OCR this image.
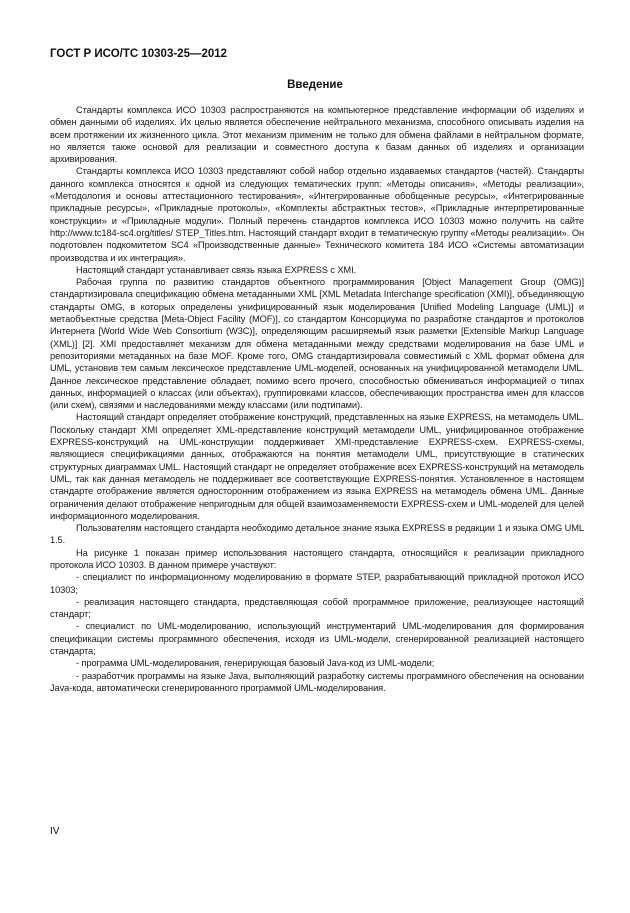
ГОСТ Р ИСО/ТС 10303-25—2012
Введение

Стандарты комплекса ИСО 10303 распространяются на компьютерное представление информации об изделиях и обмен данными об изделиях. Их целью является обеспечение нейтрального механизма, способного описывать изделия на всем протяжении их жизненного цикла. Этот механизм применим не только для обмена файлами в нейтральном формате, но является также основой для реализации и совместного доступа к базам данных об изделиях и организации архивирования.

Стандарты комплекса ИСО 10303 представляют собой набор отдельно издаваемых стандартов (частей). Стандарты данного комплекса относятся к одной из следующих тематических групп: «Методы описания», «Методы реализации», «Методология и основы аттестационного тестирования», «Интегрированные обобщенные ресурсы», «Интегрированные прикладные ресурсы», «Прикладные протоколы», «Комплекты абстрактных тестов», «Прикладные интерпретированные конструкции» и «Прикладные модули». Полный перечень стандартов комплекса ИСО 10303 можно получить на сайте http://www.tc184-sc4.org/titles/ STEP_Titles.htm. Настоящий стандарт входит в тематическую группу «Методы реализации». Он подготовлен подкомитетом SC4 «Производственные данные» Технического комитета 184 ИСО «Системы автоматизации производства и их интеграция».

Настоящий стандарт устанавливает связь языка EXPRESS с XMI.

Рабочая группа по развитию стандартов объектного программирования [Object Management Group (OMG)] стандартизировала спецификацию обмена метаданными XML [XML Metadata Interchange specification (XMI)], объединяющую стандарты OMG, в которых определены унифицированный язык моделирования [Unified Modeling Language (UML)] и метаобъектные средства [Meta-Object Facility (MOF)], со стандартом Консорциума по разработке стандартов и протоколов Интернета [World Wide Web Consortium (W3C)], определяющим расширяемый язык разметки [Extensible Markup Language (XML)] [2]. XMI предоставляет механизм для обмена метаданными между средствами моделирования на базе UML и репозиториями метаданных на базе MOF. Кроме того, OMG стандартизировала совместимый с XML формат обмена для UML, установив тем самым лексическое представление UML-моделей, основанных на унифицированной метамодели UML. Данное лексическое представление обладает, помимо всего прочего, способностью обмениваться информацией о типах данных, информацией о классах (или объектах), группировками классов, обеспечивающих пространства имен для классов (или схем), связями и наследованиями между классами (или подтипами).

Настоящий стандарт определяет отображение конструкций, представленных на языке EXPRESS, на метамодель UML. Поскольку стандарт XMI определяет XML-представление конструкций метамодели UML, унифицированное отображение EXPRESS-конструкций на UML-конструкции поддерживает XMI-представление EXPRESS-схем. EXPRESS-схемы, являющиеся спецификациями данных, отображаются на понятия метамодели UML, присутствующие в статических структурных диаграммах UML. Настоящий стандарт не определяет отображение всех EXPRESS-конструкций на метамодель UML, так как данная метамодель не поддерживает все соответствующие EXPRESS-понятия. Установленное в настоящем стандарте отображение является односторонним отображением из языка EXPRESS на метамодель обмена UML. Данные ограничения делают отображение непригодным для общей взаимозаменяемости EXPRESS-схем и UML-моделей для целей информационного моделирования.

Пользователям настоящего стандарта необходимо детальное знание языка EXPRESS в редакции 1 и языка OMG UML 1.5.

На рисунке 1 показан пример использования настоящего стандарта, относящийся к реализации прикладного протокола ИСО 10303. В данном примере участвуют:

- специалист по информационному моделированию в формате STEP, разрабатывающий прикладной протокол ИСО 10303;

- реализация настоящего стандарта, представляющая собой программное приложение, реализующее настоящий стандарт;

- специалист по UML-моделированию, использующий инструментарий UML-моделирования для формирования спецификации системы программного обеспечения, исходя из UML-модели, сгенерированной реализацией настоящего стандарта;

- программа UML-моделирования, генерирующая базовый Java-код из UML-модели;

- разработчик программы на языке Java, выполняющий разработку системы программного обеспечения на основании Java-кода, автоматически сгенерированного программой UML-моделирования.

IV
